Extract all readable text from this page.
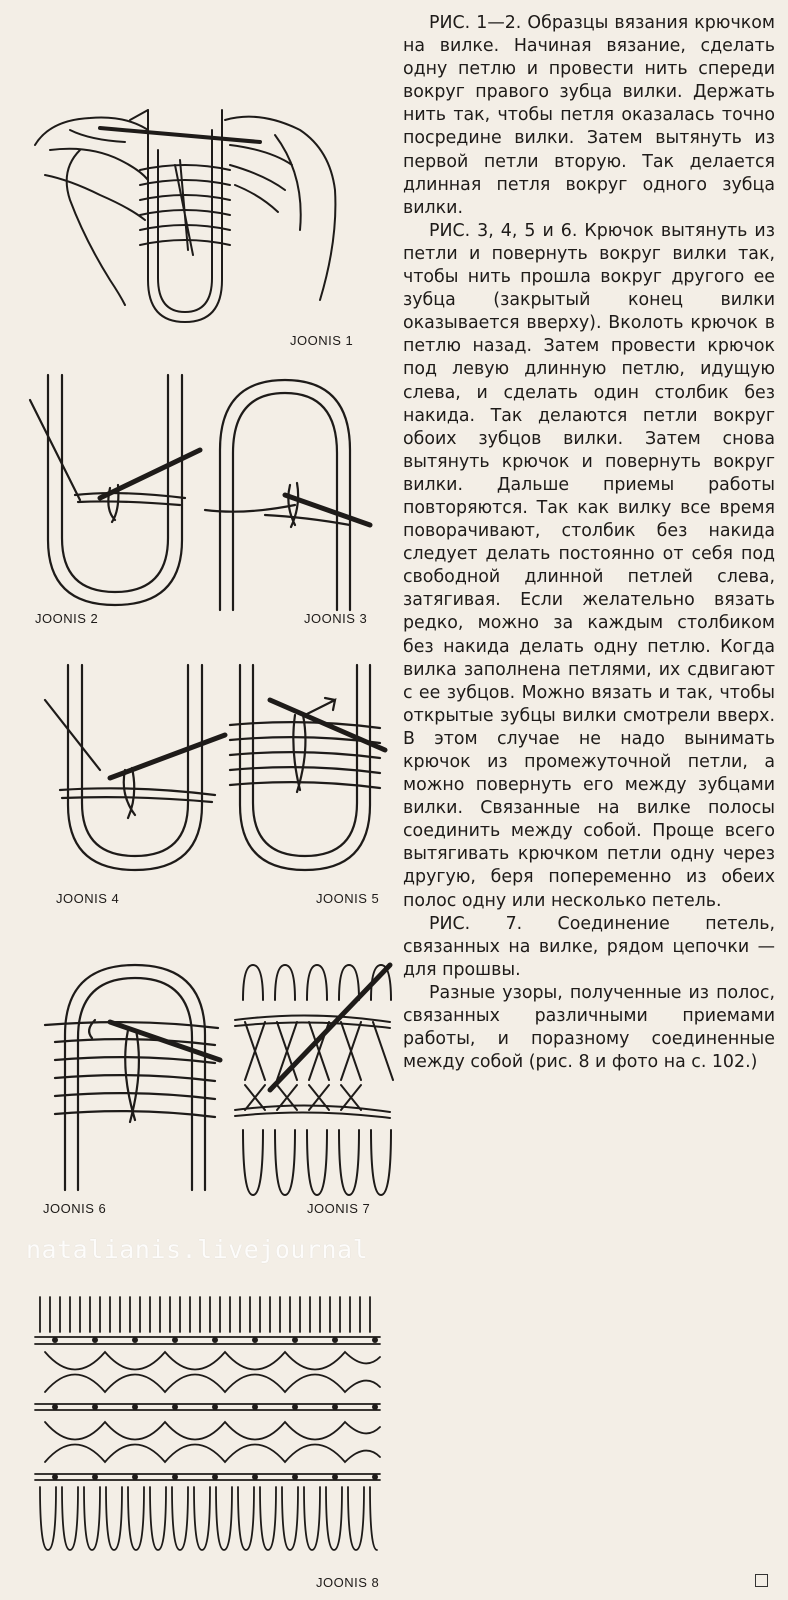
JOONIS 1
JOONIS 2	JOONIS 3
JOONIS 4	JOONIS 5
JOONIS 6	JOONIS 7
JOONIS 8
natalianis.livejournal

РИС. 1—2. Образцы вязания крючком на вилке. Начиная вязание, сделать одну петлю и провести нить спереди вокруг правого зубца вилки. Держать нить так, чтобы петля оказалась точно посредине вилки. Затем вытянуть из первой петли вторую. Так делается длинная петля вокруг одного зубца вилки.

РИС. 3, 4, 5 и 6. Крючок вытянуть из петли и повернуть вокруг вилки так, чтобы нить прошла вокруг другого ее зубца (закрытый конец вилки оказывается вверху). Вколоть крючок в петлю назад. Затем провести крючок под левую длинную петлю, идущую слева, и сделать один столбик без накида. Так делаются петли вокруг обоих зубцов вилки. Затем снова вытянуть крючок и повернуть вокруг вилки. Дальше приемы работы повторяются. Так как вилку все время поворачивают, столбик без накида следует делать постоянно от себя под свободной длинной петлей слева, затягивая. Если желательно вязать редко, можно за каждым столбиком без накида делать одну петлю. Когда вилка заполнена петлями, их сдвигают с ее зубцов. Можно вязать и так, чтобы открытые зубцы вилки смотрели вверх. В этом случае не надо вынимать крючок из промежуточной петли, а можно повернуть его между зубцами вилки. Связанные на вилке полосы соединить между собой. Проще всего вытягивать крючком петли одну через другую, беря попеременно из обеих полос одну или несколько петель.

РИС. 7. Соединение петель, связанных на вилке, рядом цепочки — для прошвы.

Разные узоры, полученные из полос, связанных различными приемами работы, и поразному соединенные между собой (рис. 8 и фото на с. 102.)
